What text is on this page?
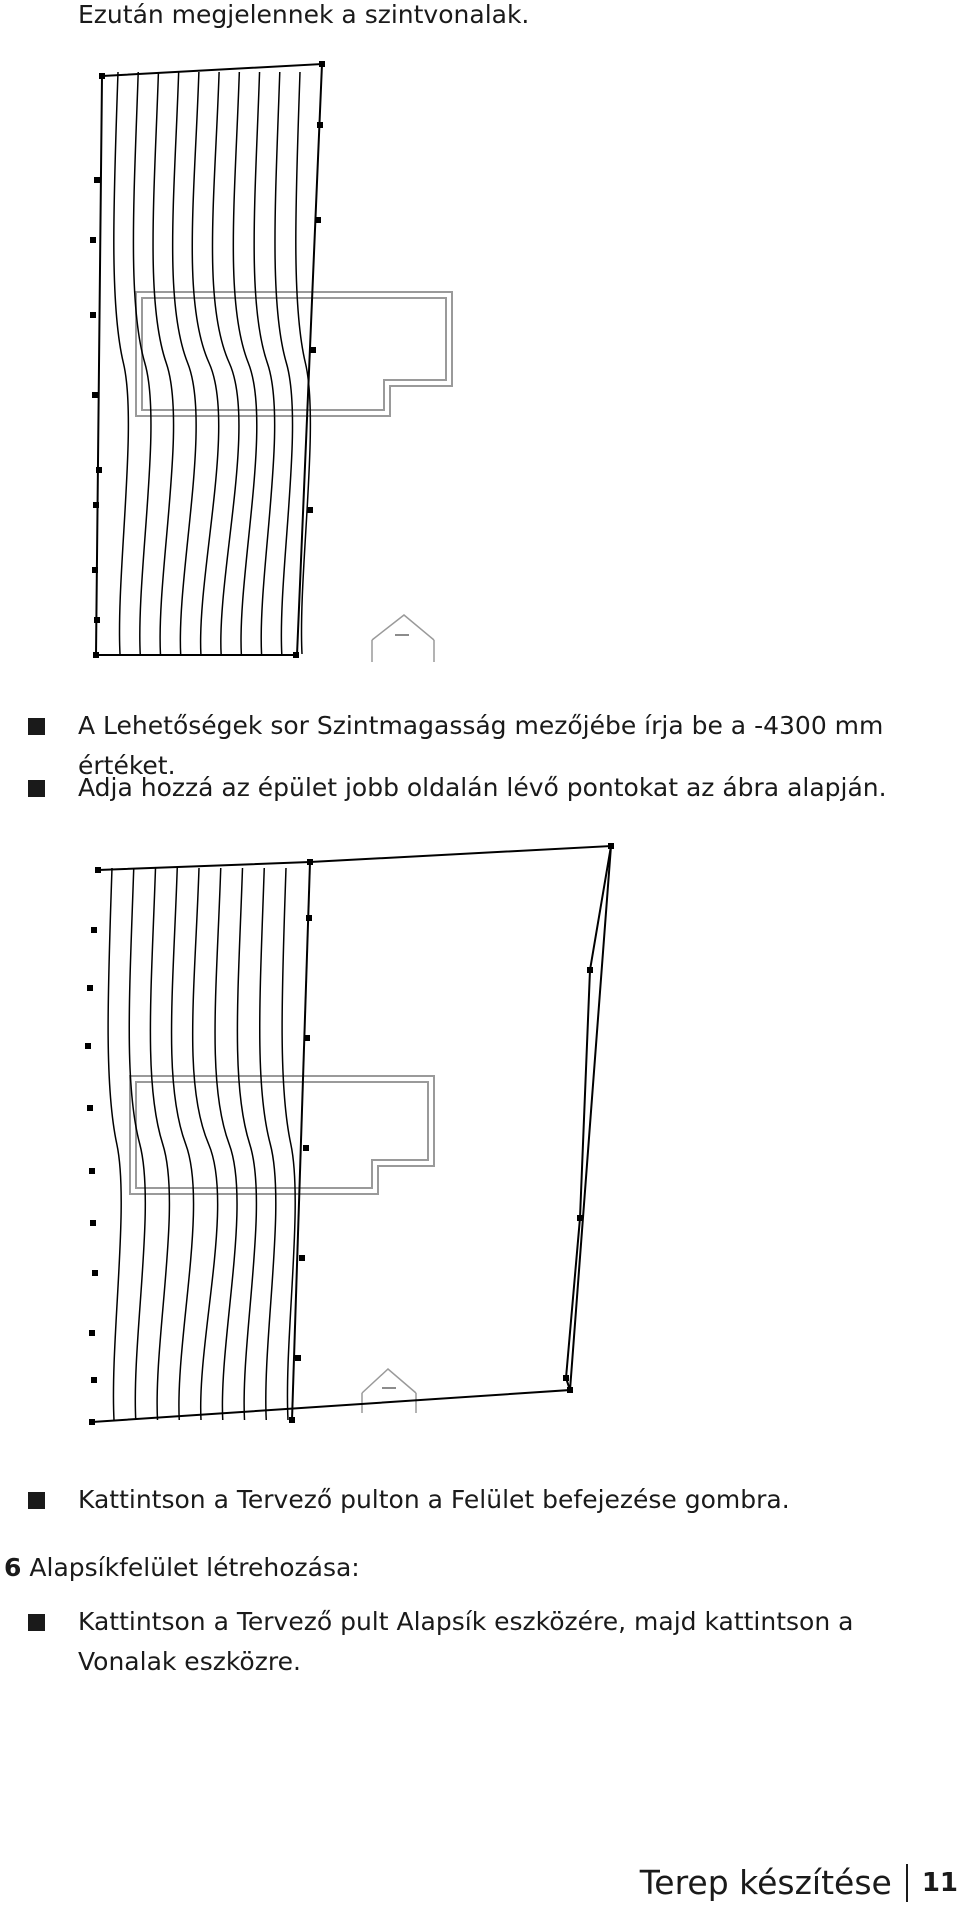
Ezután megjelennek a szintvonalak.
A Lehetőségek sor Szintmagasság mezőjébe írja be a -4300 mm értéket.
Adja hozzá az épület jobb oldalán lévő pontokat az ábra alapján.
Kattintson a Tervező pulton a Felület befejezése gombra.
6 Alapsíkfelület létrehozása:
Kattintson a Tervező pult Alapsík eszközére, majd kattintson a Vonalak eszközre.
Terep készítése 11
